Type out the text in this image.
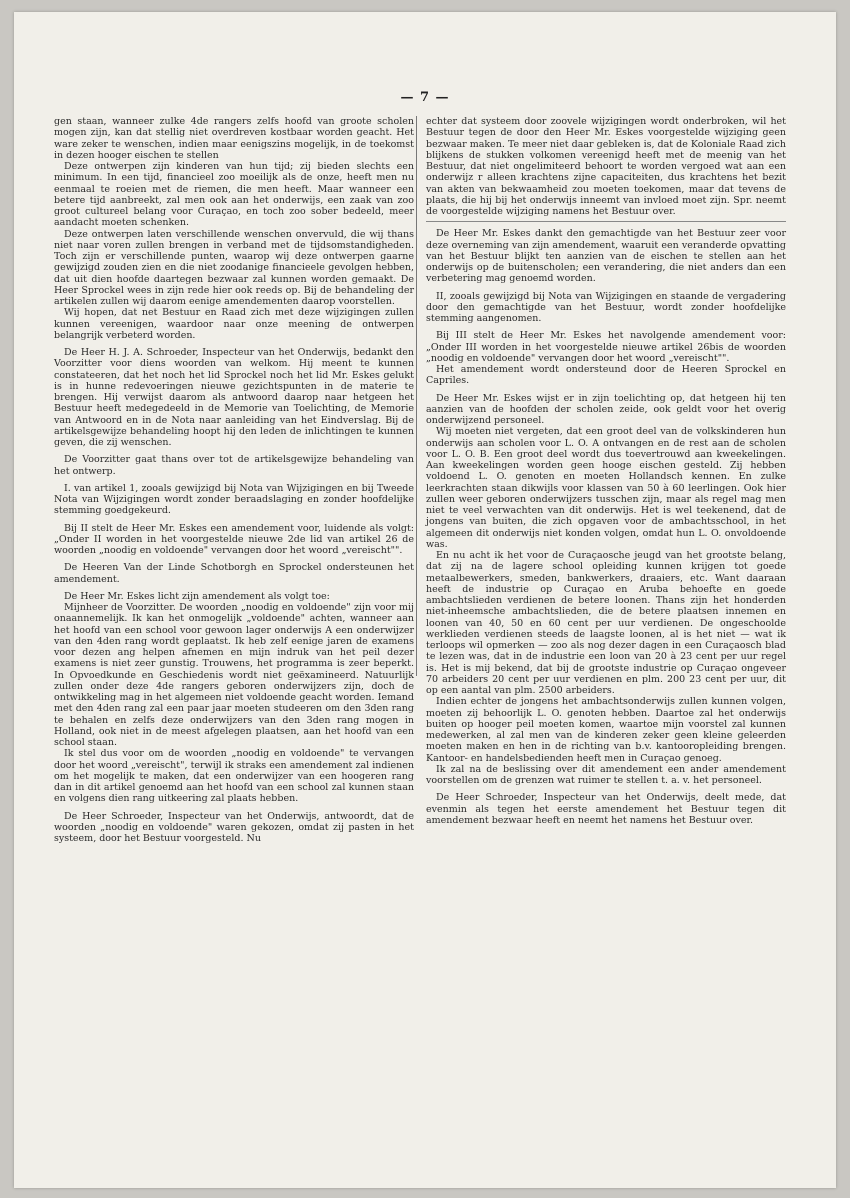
— 7 —

gen staan, wanneer zulke 4de rangers zelfs hoofd van groote scholen mogen zijn, kan dat stellig niet overdreven kostbaar worden geacht. Het ware zeker te wenschen, indien maar eenigszins mogelijk, in de toekomst in dezen hooger eischen te stellen

Deze ontwerpen zijn kinderen van hun tijd; zij bieden slechts een minimum. In een tijd, financieel zoo moeilijk als de onze, heeft men nu eenmaal te roeien met de riemen, die men heeft. Maar wanneer een betere tijd aanbreekt, zal men ook aan het onderwijs, een zaak van zoo groot cultureel belang voor Curaçao, en toch zoo sober bedeeld, meer aandacht moeten schenken.

Deze ontwerpen laten verschillende wenschen onvervuld, die wij thans niet naar voren zullen brengen in verband met de tijdsomstandigheden. Toch zijn er verschillende punten, waarop wij deze ontwerpen gaarne gewijzigd zouden zien en die niet zoodanige financieele gevolgen hebben, dat uit dien hoofde daartegen bezwaar zal kunnen worden gemaakt. De Heer Sprockel wees in zijn rede hier ook reeds op. Bij de behandeling der artikelen zullen wij daarom eenige amendementen daarop voorstellen.

Wij hopen, dat net Bestuur en Raad zich met deze wijzigingen zullen kunnen vereenigen, waardoor naar onze meening de ontwerpen belangrijk verbeterd worden.

De Heer H. J. A. Schroeder, Inspecteur van het Onderwijs, bedankt den Voorzitter voor diens woorden van welkom. Hij meent te kunnen constateeren, dat het noch het lid Sprockel noch het lid Mr. Eskes gelukt is in hunne redevoeringen nieuwe gezichtspunten in de materie te brengen. Hij verwijst daarom als antwoord daarop naar hetgeen het Bestuur heeft medegedeeld in de Memorie van Toelichting, de Memorie van Antwoord en in de Nota naar aanleiding van het Eindverslag. Bij de artikelsgewijze behandeling hoopt hij den leden de inlichtingen te kunnen geven, die zij wenschen.

De Voorzitter gaat thans over tot de artikelsgewijze behandeling van het ontwerp.

I. van artikel 1, zooals gewijzigd bij Nota van Wijzigingen en bij Tweede Nota van Wijzigingen wordt zonder beraadslaging en zonder hoofdelijke stemming goedgekeurd.

Bij II stelt de Heer Mr. Eskes een amendement voor, luidende als volgt: „Onder II worden in het voorgestelde nieuwe 2de lid van artikel 26 de woorden „noodig en voldoende" vervangen door het woord „vereischt"".

De Heeren Van der Linde Schotborgh en Sprockel ondersteunen het amendement.

De Heer Mr. Eskes licht zijn amendement als volgt toe:

Mijnheer de Voorzitter. De woorden „noodig en voldoende" zijn voor mij onaannemelijk. Ik kan het onmogelijk „voldoende" achten, wanneer aan het hoofd van een school voor gewoon lager onderwijs A een onderwijzer van den 4den rang wordt geplaatst. Ik heb zelf eenige jaren de examens voor dezen ang helpen afnemen en mijn indruk van het peil dezer examens is niet zeer gunstig. Trouwens, het programma is zeer beperkt. In Opvoedkunde en Geschiedenis wordt niet geëxamineerd. Natuurlijk zullen onder deze 4de rangers geboren onderwijzers zijn, doch de ontwikkeling mag in het algemeen niet voldoende geacht worden. Iemand met den 4den rang zal een paar jaar moeten studeeren om den 3den rang te behalen en zelfs deze onderwijzers van den 3den rang mogen in Holland, ook niet in de meest afgelegen plaatsen, aan het hoofd van een school staan.

Ik stel dus voor om de woorden „noodig en voldoende" te vervangen door het woord „vereischt", terwijl ik straks een amendement zal indienen om het mogelijk te maken, dat een onderwijzer van een hoogeren rang dan in dit artikel genoemd aan het hoofd van een school zal kunnen staan en volgens dien rang uitkeering zal plaats hebben.

De Heer Schroeder, Inspecteur van het Onderwijs, antwoordt, dat de woorden „noodig en voldoende" waren gekozen, omdat zij pasten in het systeem, door het Bestuur voorgesteld. Nu

echter dat systeem door zoovele wijzigingen wordt onderbroken, wil het Bestuur tegen de door den Heer Mr. Eskes voorgestelde wijziging geen bezwaar maken. Te meer niet daar gebleken is, dat de Koloniale Raad zich blijkens de stukken volkomen vereenigd heeft met de meenig van het Bestuur, dat niet ongelimiteerd behoort te worden vergoed wat aan een onderwijz r alleen krachtens zijne capaciteiten, dus krachtens het bezit van akten van bekwaamheid zou moeten toekomen, maar dat tevens de plaats, die hij bij het onderwijs inneemt van invloed moet zijn. Spr. neemt de voorgestelde wijziging namens het Bestuur over.

De Heer Mr. Eskes dankt den gemachtigde van het Bestuur zeer voor deze overneming van zijn amendement, waaruit een veranderde opvatting van het Bestuur blijkt ten aanzien van de eischen te stellen aan het onderwijs op de buitenscholen; een verandering, die niet anders dan een verbetering mag genoemd worden.

II, zooals gewijzigd bij Nota van Wijzigingen en staande de vergadering door den gemachtigde van het Bestuur, wordt zonder hoofdelijke stemming aangenomen.

Bij III stelt de Heer Mr. Eskes het navolgende amendement voor: „Onder III worden in het voorgestelde nieuwe artikel 26bis de woorden „noodig en voldoende" vervangen door het woord „vereischt"".

Het amendement wordt ondersteund door de Heeren Sprockel en Capriles.

De Heer Mr. Eskes wijst er in zijn toelichting op, dat hetgeen hij ten aanzien van de hoofden der scholen zeide, ook geldt voor het overig onderwijzend personeel.

Wij moeten niet vergeten, dat een groot deel van de volkskinderen hun onderwijs aan scholen voor L. O. A ontvangen en de rest aan de scholen voor L. O. B. Een groot deel wordt dus toevertrouwd aan kweekelingen. Aan kweekelingen worden geen hooge eischen gesteld. Zij hebben voldoend L. O. genoten en moeten Hollandsch kennen. En zulke leerkrachten staan dikwijls voor klassen van 50 à 60 leerlingen. Ook hier zullen weer geboren onderwijzers tusschen zijn, maar als regel mag men niet te veel verwachten van dit onderwijs. Het is wel teekenend, dat de jongens van buiten, die zich opgaven voor de ambachtsschool, in het algemeen dit onderwijs niet konden volgen, omdat hun L. O. onvoldoende was.

En nu acht ik het voor de Curaçaosche jeugd van het grootste belang, dat zij na de lagere school opleiding kunnen krijgen tot goede metaalbewerkers, smeden, bankwerkers, draaiers, etc. Want daaraan heeft de industrie op Curaçao en Aruba behoefte en goede ambachtslieden verdienen de betere loonen. Thans zijn het honderden niet-inheemsche ambachtslieden, die de betere plaatsen innemen en loonen van 40, 50 en 60 cent per uur verdienen. De ongeschoolde werklieden verdienen steeds de laagste loonen, al is het niet — wat ik terloops wil opmerken — zoo als nog dezer dagen in een Curaçaosch blad te lezen was, dat in de industrie een loon van 20 à 23 cent per uur regel is. Het is mij bekend, dat bij de grootste industrie op Curaçao ongeveer 70 arbeiders 20 cent per uur verdienen en plm. 200 23 cent per uur, dit op een aantal van plm. 2500 arbeiders.

Indien echter de jongens het ambachtsonderwijs zullen kunnen volgen, moeten zij behoorlijk L. O. genoten hebben. Daartoe zal het onderwijs buiten op hooger peil moeten komen, waartoe mijn voorstel zal kunnen medewerken, al zal men van de kinderen zeker geen kleine geleerden moeten maken en hen in de richting van b.v. kantooropleiding brengen. Kantoor- en handelsbedienden heeft men in Curaçao genoeg.

Ik zal na de beslissing over dit amendement een ander amendement voorstellen om de grenzen wat ruimer te stellen t. a. v. het personeel.

De Heer Schroeder, Inspecteur van het Onderwijs, deelt mede, dat evenmin als tegen het eerste amendement het Bestuur tegen dit amendement bezwaar heeft en neemt het namens het Bestuur over.
